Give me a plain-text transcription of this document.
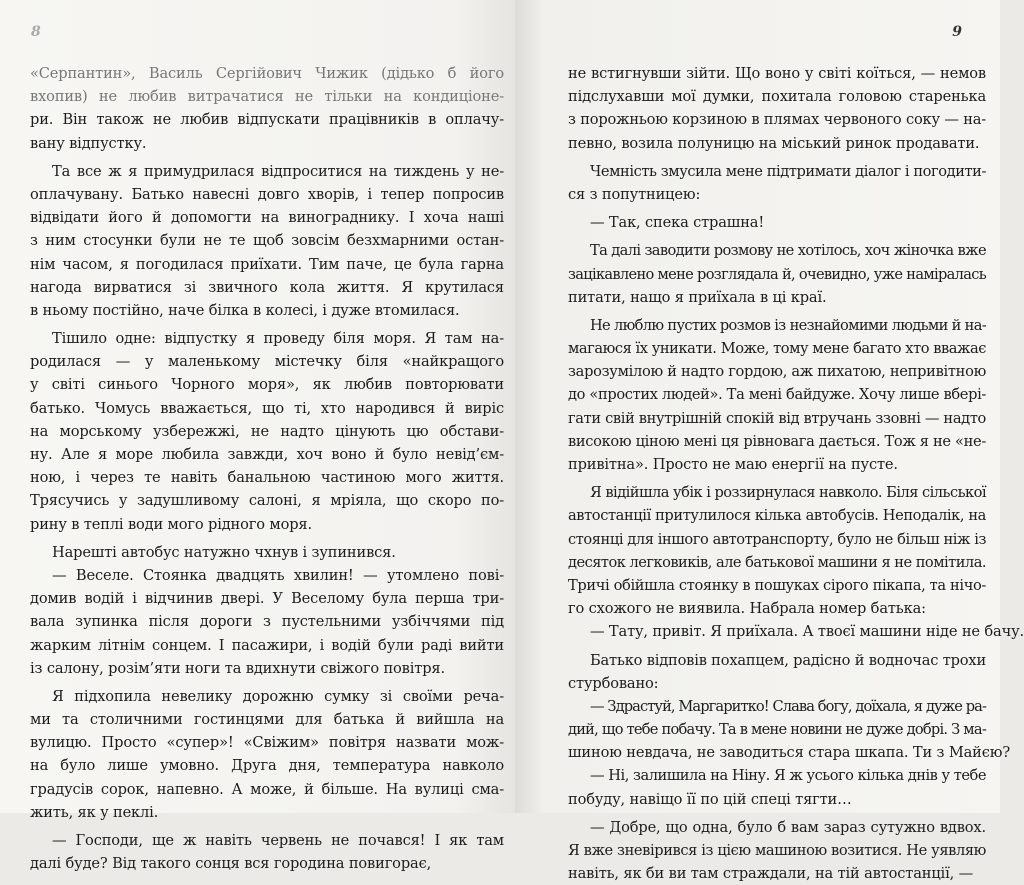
8
«Серпантин», Василь Сергійович Чижик (дідько б його
вхопив) не любив витрачатися не тільки на кондиціоне-
ри. Він також не любив відпускати працівників в оплачу-
вану відпустку.
Та все ж я примудрилася відпроситися на тиждень у не-
оплачувану. Батько навесні довго хворів, і тепер попросив
відвідати його й допомогти на винограднику. І хоча наші
з ним стосунки були не те щоб зовсім безхмарними остан-
нім часом, я погодилася приїхати. Тим паче, це була гарна
нагода вирватися зі звичного кола життя. Я крутилася
в ньому постійно, наче білка в колесі, і дуже втомилася.
Тішило одне: відпустку я проведу біля моря. Я там на-
родилася — у маленькому містечку біля «найкращого
у світі синього Чорного моря», як любив повторювати
батько. Чомусь вважається, що ті, хто народився й виріс
на морському узбережжі, не надто цінують цю обстави-
ну. Але я море любила завжди, хоч воно й було невід’єм-
ною, і через те навіть банальною частиною мого життя.
Трясучись у задушливому салоні, я мріяла, що скоро по-
рину в теплі води мого рідного моря.
Нарешті автобус натужно чхнув і зупинився.
— Веселе. Стоянка двадцять хвилин! — утомлено пові-
домив водій і відчинив двері. У Веселому була перша три-
вала зупинка після дороги з пустельними узбіччями під
жарким літнім сонцем. І пасажири, і водій були раді вийти
із салону, розім’яти ноги та вдихнути свіжого повітря.
Я підхопила невелику дорожню сумку зі своїми реча-
ми та столичними гостинцями для батька й вийшла на
вулицю. Просто «супер»! «Свіжим» повітря назвати мож-
на було лише умовно. Друга дня, температура навколо
градусів сорок, напевно. А може, й більше. На вулиці сма-
жить, як у пеклі.
— Господи, ще ж навіть червень не почався! І як там
далі буде? Від такого сонця вся городина повигорає,
9
не встигнувши зійти. Що воно у світі коїться, — немов
підслухавши мої думки, похитала головою старенька
з порожньою корзиною в плямах червоного соку — на-
певно, возила полуницю на міський ринок продавати.
Чемність змусила мене підтримати діалог і погодити-
ся з попутницею:
— Так, спека страшна!
Та далі заводити розмову не хотілось, хоч жіночка вже
зацікавлено мене розглядала й, очевидно, уже наміралась
питати, нащо я приїхала в ці краї.
Не люблю пустих розмов із незнайомими людьми й на-
магаюся їх уникати. Може, тому мене багато хто вважає
зарозумілою й надто гордою, аж пихатою, непривітною
до «простих людей». Та мені байдуже. Хочу лише вбері-
гати свій внутрішній спокій від втручань ззовні — надто
високою ціною мені ця рівновага дається. Тож я не «не-
привітна». Просто не маю енергії на пусте.
Я відійшла убік і роззирнулася навколо. Біля сільської
автостанції притулилося кілька автобусів. Неподалік, на
стоянці для іншого автотранспорту, було не більш ніж із
десяток легковиків, але батькової машини я не помітила.
Тричі обійшла стоянку в пошуках сірого пікапа, та нічо-
го схожого не виявила. Набрала номер батька:
— Тату, привіт. Я приїхала. А твоєї машини ніде не бачу.
Батько відповів похапцем, радісно й водночас трохи
стурбовано:
— Здрастуй, Маргаритко! Слава богу, доїхала, я дуже ра-
дий, що тебе побачу. Та в мене новини не дуже добрі. З ма-
шиною невдача, не заводиться стара шкапа. Ти з Майєю?
— Ні, залишила на Ніну. Я ж усього кілька днів у тебе
побуду, навіщо її по цій спеці тягти…
— Добре, що одна, було б вам зараз сутужно вдвох.
Я вже зневірився із цією машиною возитися. Не уявляю
навіть, як би ви там страждали, на тій автостанції, —
